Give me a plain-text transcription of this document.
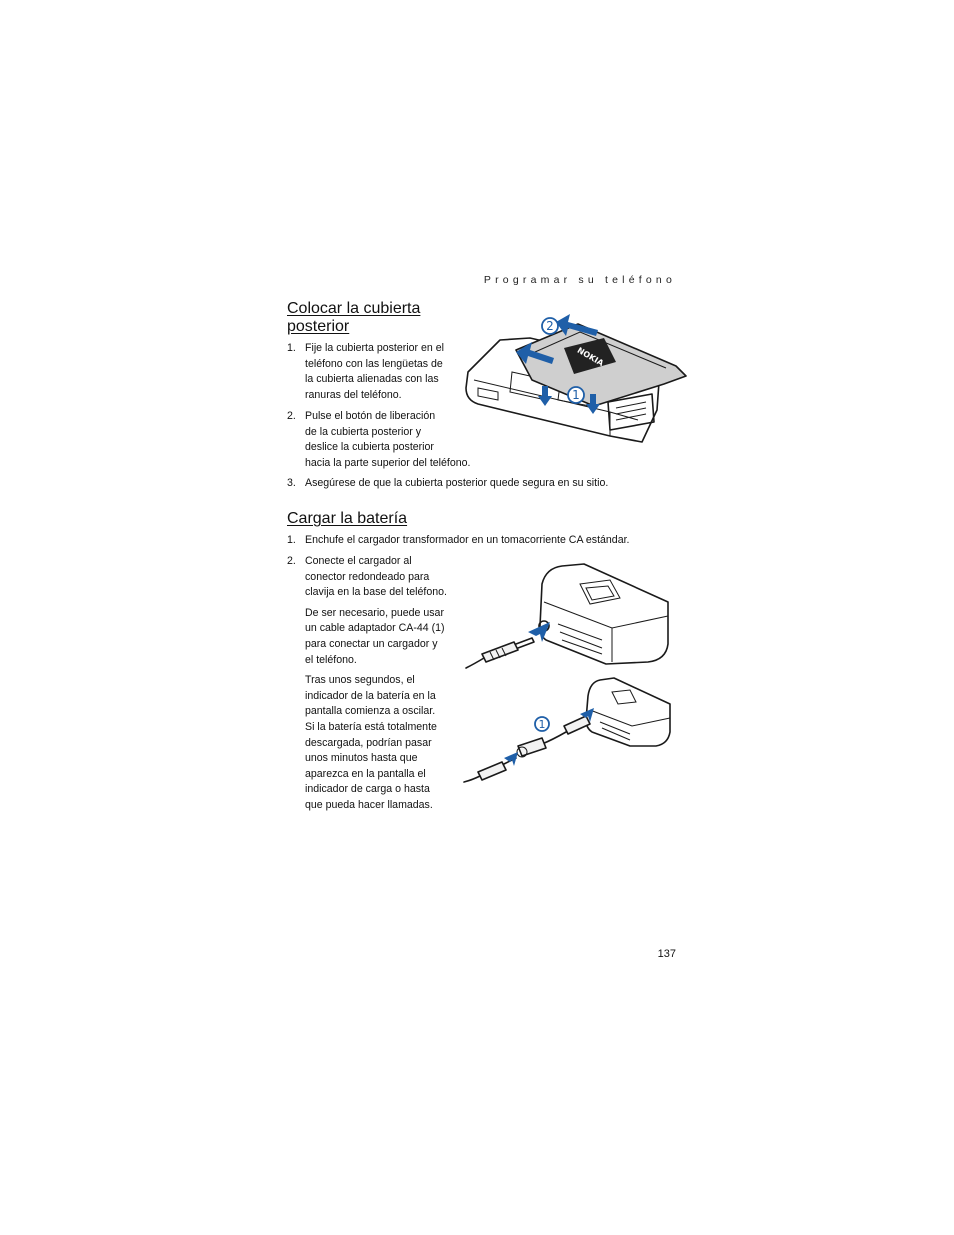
Programar su teléfono
Colocar la cubierta
posterior
1. Fije la cubierta posterior en el

teléfono con las lengüetas de

la cubierta alienadas con las

ranuras del teléfono.

2. Pulse el botón de liberación

de la cubierta posterior y

deslice la cubierta posterior

hacia la parte superior del teléfono.

3. Asegúrese de que la cubierta posterior quede segura en su sitio.

NOKIA
2
1
Cargar la batería
1. Enchufe el cargador transformador en un tomacorriente CA estándar.

2. Conecte el cargador al

conector redondeado para

clavija en la base del teléfono.

De ser necesario, puede usar

un cable adaptador CA-44 (1)

para conectar un cargador y

el teléfono.

Tras unos segundos, el

indicador de la batería en la

pantalla comienza a oscilar.

Si la batería está totalmente

descargada, podrían pasar

unos minutos hasta que

aparezca en la pantalla el

indicador de carga o hasta

que pueda hacer llamadas.

1
137
